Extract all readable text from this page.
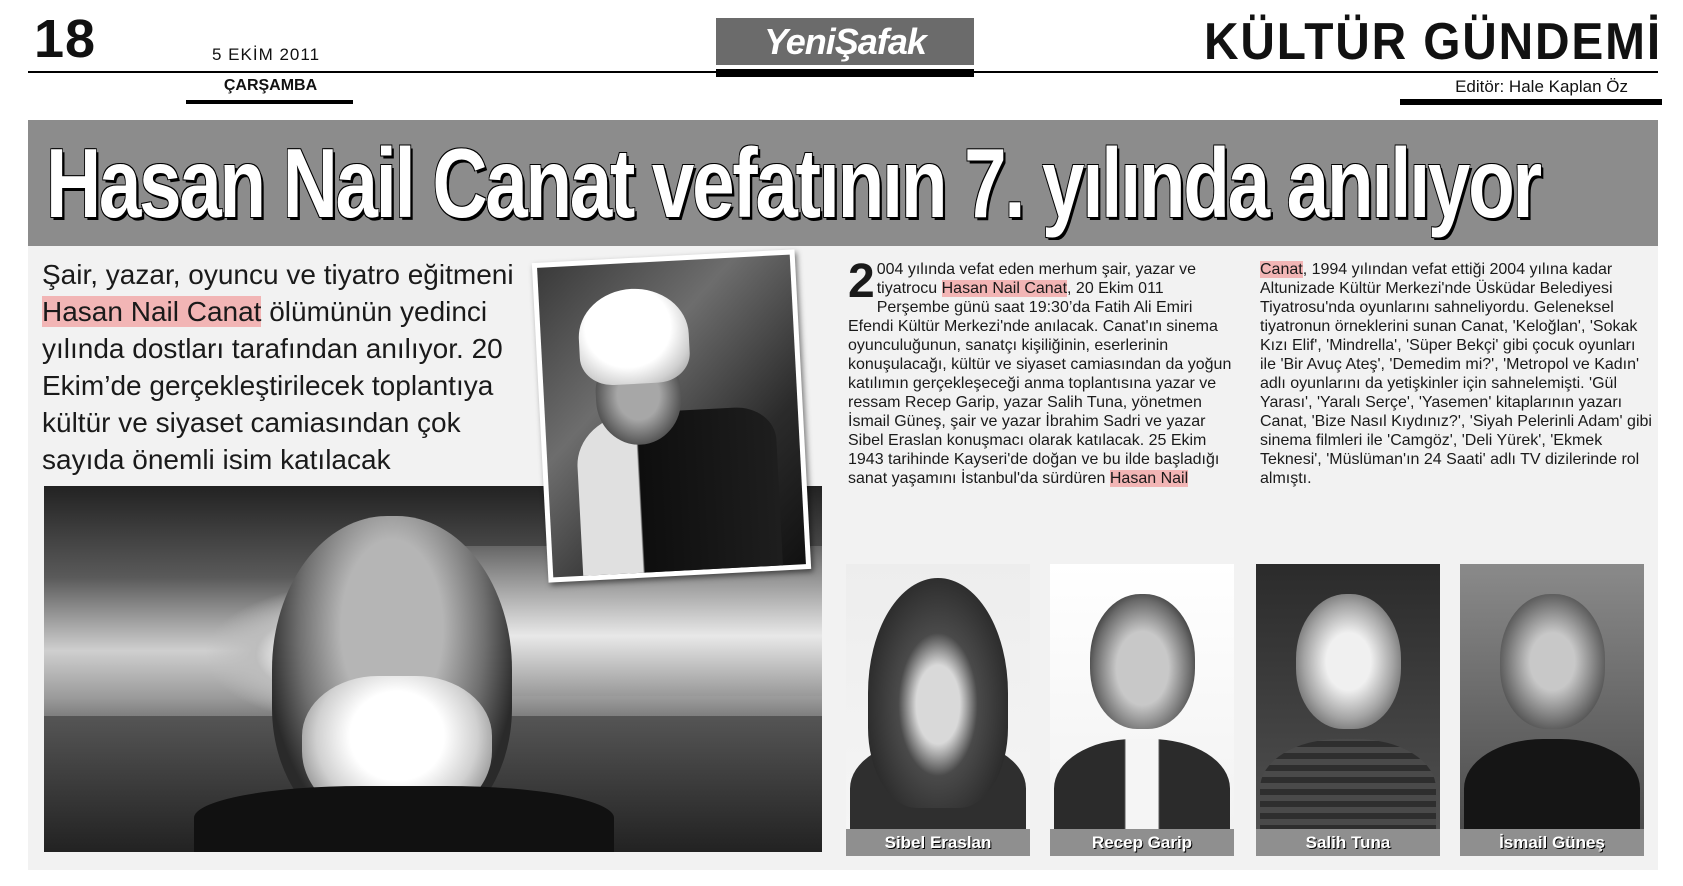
18	5 EKİM 2011
ÇARŞAMBA
YeniŞafak	KÜLTÜR GÜNDEMİ
Editör: Hale Kaplan Öz
Hasan Nail Canat vefatının 7. yılında anılıyor
Şair, yazar, oyuncu ve tiyatro eğitmeni Hasan Nail Canat ölümünün yedinci yılında dostları tarafından anılıyor. 20 Ekim’de gerçekleştirilecek toplantıya kültür ve siyaset camiasından çok sayıda önemli isim katılacak
2 004 yılında vefat eden merhum şair, yazar ve tiyatrocu Hasan Nail Canat, 20 Ekim 011 Perşembe günü saat 19:30’da Fatih Ali Emiri Efendi Kültür Merkezi'nde anılacak. Canat'ın sinema oyunculuğunun, sanatçı kişiliğinin, eserlerinin konuşulacağı, kültür ve siyaset camiasından da yoğun katılımın gerçekleşeceği anma toplantısına yazar ve ressam Recep Garip, yazar Salih Tuna, yönetmen İsmail Güneş, şair ve yazar İbrahim Sadri ve yazar Sibel Eraslan konuşmacı olarak katılacak. 25 Ekim 1943 tarihinde Kayseri'de doğan ve bu ilde başladığı sanat yaşamını İstanbul'da sürdüren Hasan Nail
Canat, 1994 yılından vefat ettiği 2004 yılına kadar Altunizade Kültür Merkezi'nde Üsküdar Belediyesi Tiyatrosu'nda oyunlarını sahneliyordu. Geleneksel tiyatronun örneklerini sunan Canat, 'Keloğlan', 'Sokak Kızı Elif', 'Mindrella', 'Süper Bekçi' gibi çocuk oyunları ile 'Bir Avuç Ateş', 'Demedim mi?', 'Metropol ve Kadın' adlı oyunlarını da yetişkinler için sahnelemişti. 'Gül Yarası', 'Yaralı Serçe', 'Yasemen' kitaplarının yazarı Canat, 'Bize Nasıl Kıydınız?', 'Siyah Pelerinli Adam' gibi sinema filmleri ile 'Camgöz', 'Deli Yürek', 'Ekmek Teknesi', 'Müslüman'ın 24 Saati' adlı TV dizilerinde rol almıştı.
Sibel Eraslan	Recep Garip	Salih Tuna	İsmail Güneş
